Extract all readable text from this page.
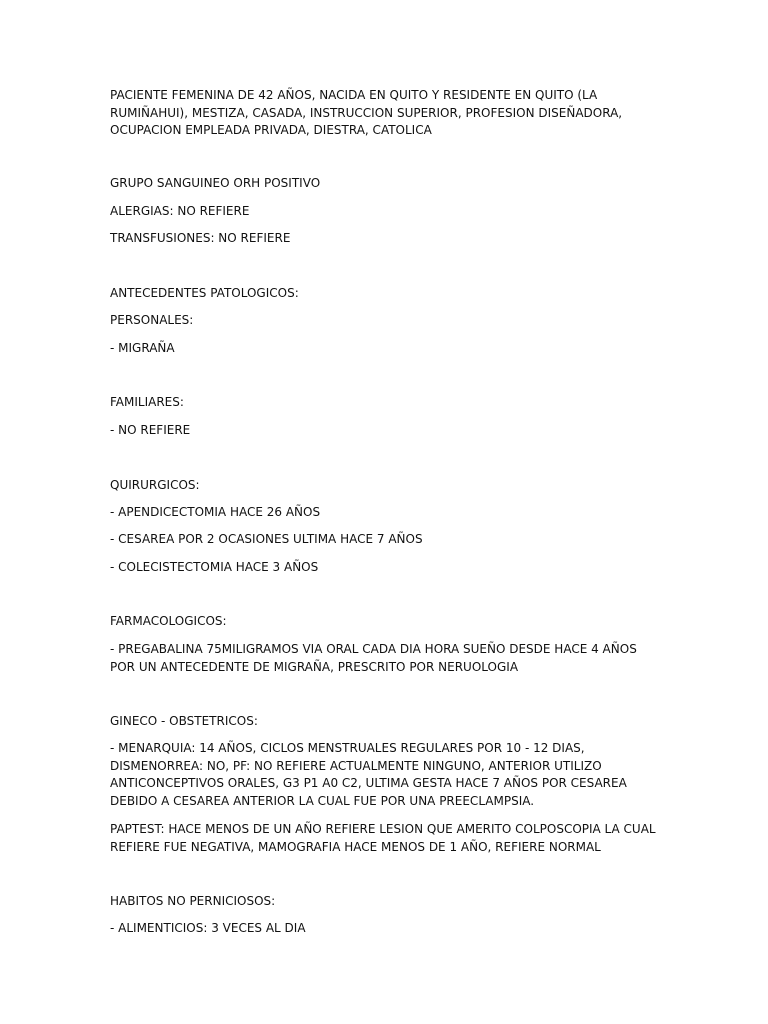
PACIENTE FEMENINA DE 42 AÑOS, NACIDA EN QUITO Y RESIDENTE EN QUITO (LA RUMIÑAHUI), MESTIZA, CASADA, INSTRUCCION SUPERIOR, PROFESION DISEÑADORA, OCUPACION EMPLEADA PRIVADA, DIESTRA, CATOLICA

GRUPO SANGUINEO ORH POSITIVO

ALERGIAS: NO REFIERE

TRANSFUSIONES: NO REFIERE

ANTECEDENTES PATOLOGICOS:

PERSONALES:

- MIGRAÑA

FAMILIARES:

- NO REFIERE

QUIRURGICOS:

- APENDICECTOMIA HACE 26 AÑOS

- CESAREA POR 2 OCASIONES ULTIMA HACE 7 AÑOS

- COLECISTECTOMIA HACE 3 AÑOS

FARMACOLOGICOS:

- PREGABALINA 75MILIGRAMOS VIA ORAL CADA DIA HORA SUEÑO DESDE HACE 4 AÑOS POR UN ANTECEDENTE DE MIGRAÑA, PRESCRITO POR NERUOLOGIA

GINECO - OBSTETRICOS:

- MENARQUIA: 14 AÑOS, CICLOS MENSTRUALES REGULARES POR 10 - 12 DIAS, DISMENORREA: NO, PF: NO REFIERE ACTUALMENTE NINGUNO, ANTERIOR UTILIZO ANTICONCEPTIVOS ORALES, G3 P1 A0 C2, ULTIMA GESTA HACE 7 AÑOS POR CESAREA DEBIDO A CESAREA ANTERIOR LA CUAL FUE POR UNA PREECLAMPSIA.

PAPTEST: HACE MENOS DE UN AÑO REFIERE LESION QUE AMERITO COLPOSCOPIA LA CUAL REFIERE FUE NEGATIVA, MAMOGRAFIA HACE MENOS DE 1 AÑO, REFIERE NORMAL

HABITOS NO PERNICIOSOS:

- ALIMENTICIOS: 3 VECES AL DIA
